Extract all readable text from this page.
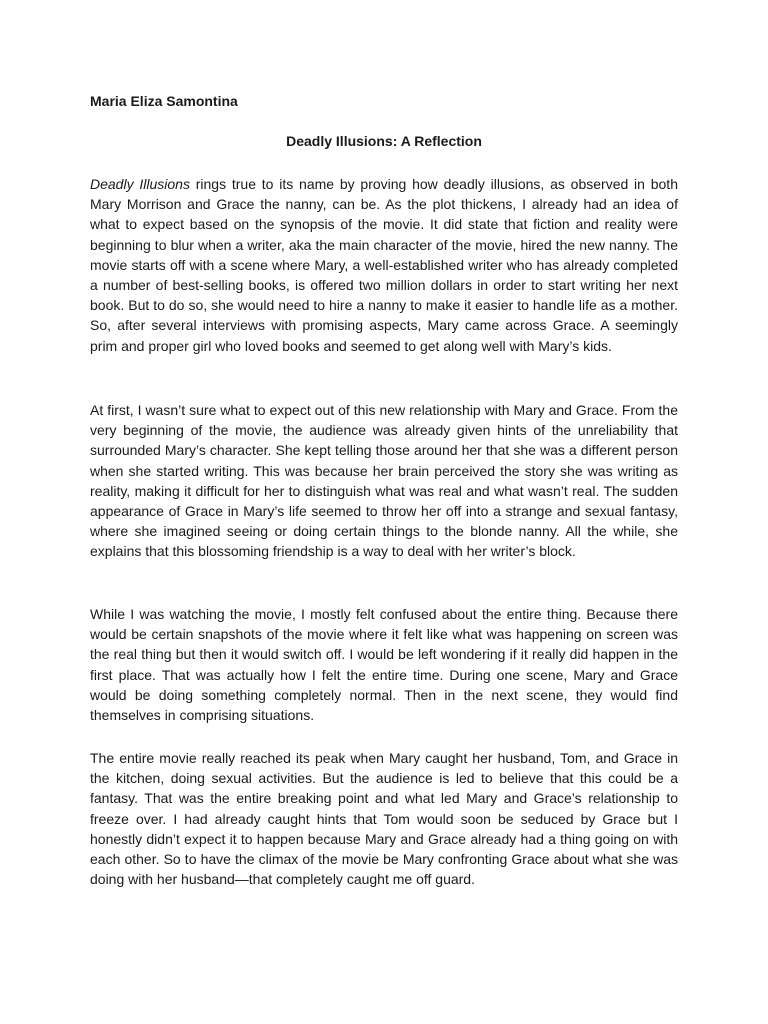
Maria Eliza Samontina

Deadly Illusions: A Reflection

Deadly Illusions rings true to its name by proving how deadly illusions, as observed in both Mary Morrison and Grace the nanny, can be. As the plot thickens, I already had an idea of what to expect based on the synopsis of the movie. It did state that fiction and reality were beginning to blur when a writer, aka the main character of the movie, hired the new nanny. The movie starts off with a scene where Mary, a well-established writer who has already completed a number of best-selling books, is offered two million dollars in order to start writing her next book. But to do so, she would need to hire a nanny to make it easier to handle life as a mother. So, after several interviews with promising aspects, Mary came across Grace. A seemingly prim and proper girl who loved books and seemed to get along well with Mary’s kids.

At first, I wasn’t sure what to expect out of this new relationship with Mary and Grace. From the very beginning of the movie, the audience was already given hints of the unreliability that surrounded Mary’s character. She kept telling those around her that she was a different person when she started writing. This was because her brain perceived the story she was writing as reality, making it difficult for her to distinguish what was real and what wasn’t real. The sudden appearance of Grace in Mary’s life seemed to throw her off into a strange and sexual fantasy, where she imagined seeing or doing certain things to the blonde nanny. All the while, she explains that this blossoming friendship is a way to deal with her writer’s block.

While I was watching the movie, I mostly felt confused about the entire thing. Because there would be certain snapshots of the movie where it felt like what was happening on screen was the real thing but then it would switch off. I would be left wondering if it really did happen in the first place. That was actually how I felt the entire time. During one scene, Mary and Grace would be doing something completely normal. Then in the next scene, they would find themselves in comprising situations.

The entire movie really reached its peak when Mary caught her husband, Tom, and Grace in the kitchen, doing sexual activities. But the audience is led to believe that this could be a fantasy. That was the entire breaking point and what led Mary and Grace’s relationship to freeze over. I had already caught hints that Tom would soon be seduced by Grace but I honestly didn’t expect it to happen because Mary and Grace already had a thing going on with each other. So to have the climax of the movie be Mary confronting Grace about what she was doing with her husband—that completely caught me off guard.
